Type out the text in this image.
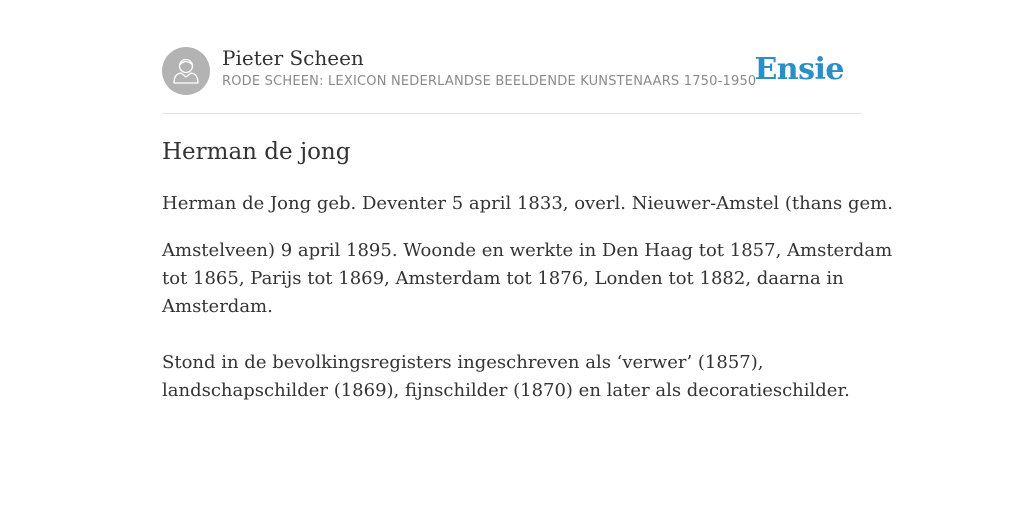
Pieter Scheen
RODE SCHEEN: LEXICON NEDERLANDSE BEELDENDE KUNSTENAARS 1750-1950
Ensie
Herman de jong

Herman de Jong geb. Deventer 5 april 1833, overl. Nieuwer-Amstel (thans gem.

Amstelveen) 9 april 1895. Woonde en werkte in Den Haag tot 1857, Amsterdam
tot 1865, Parijs tot 1869, Amsterdam tot 1876, Londen tot 1882, daarna in
Amsterdam.

Stond in de bevolkingsregisters ingeschreven als ‘verwer’ (1857),
landschapschilder (1869), fijnschilder (1870) en later als decoratieschilder.
